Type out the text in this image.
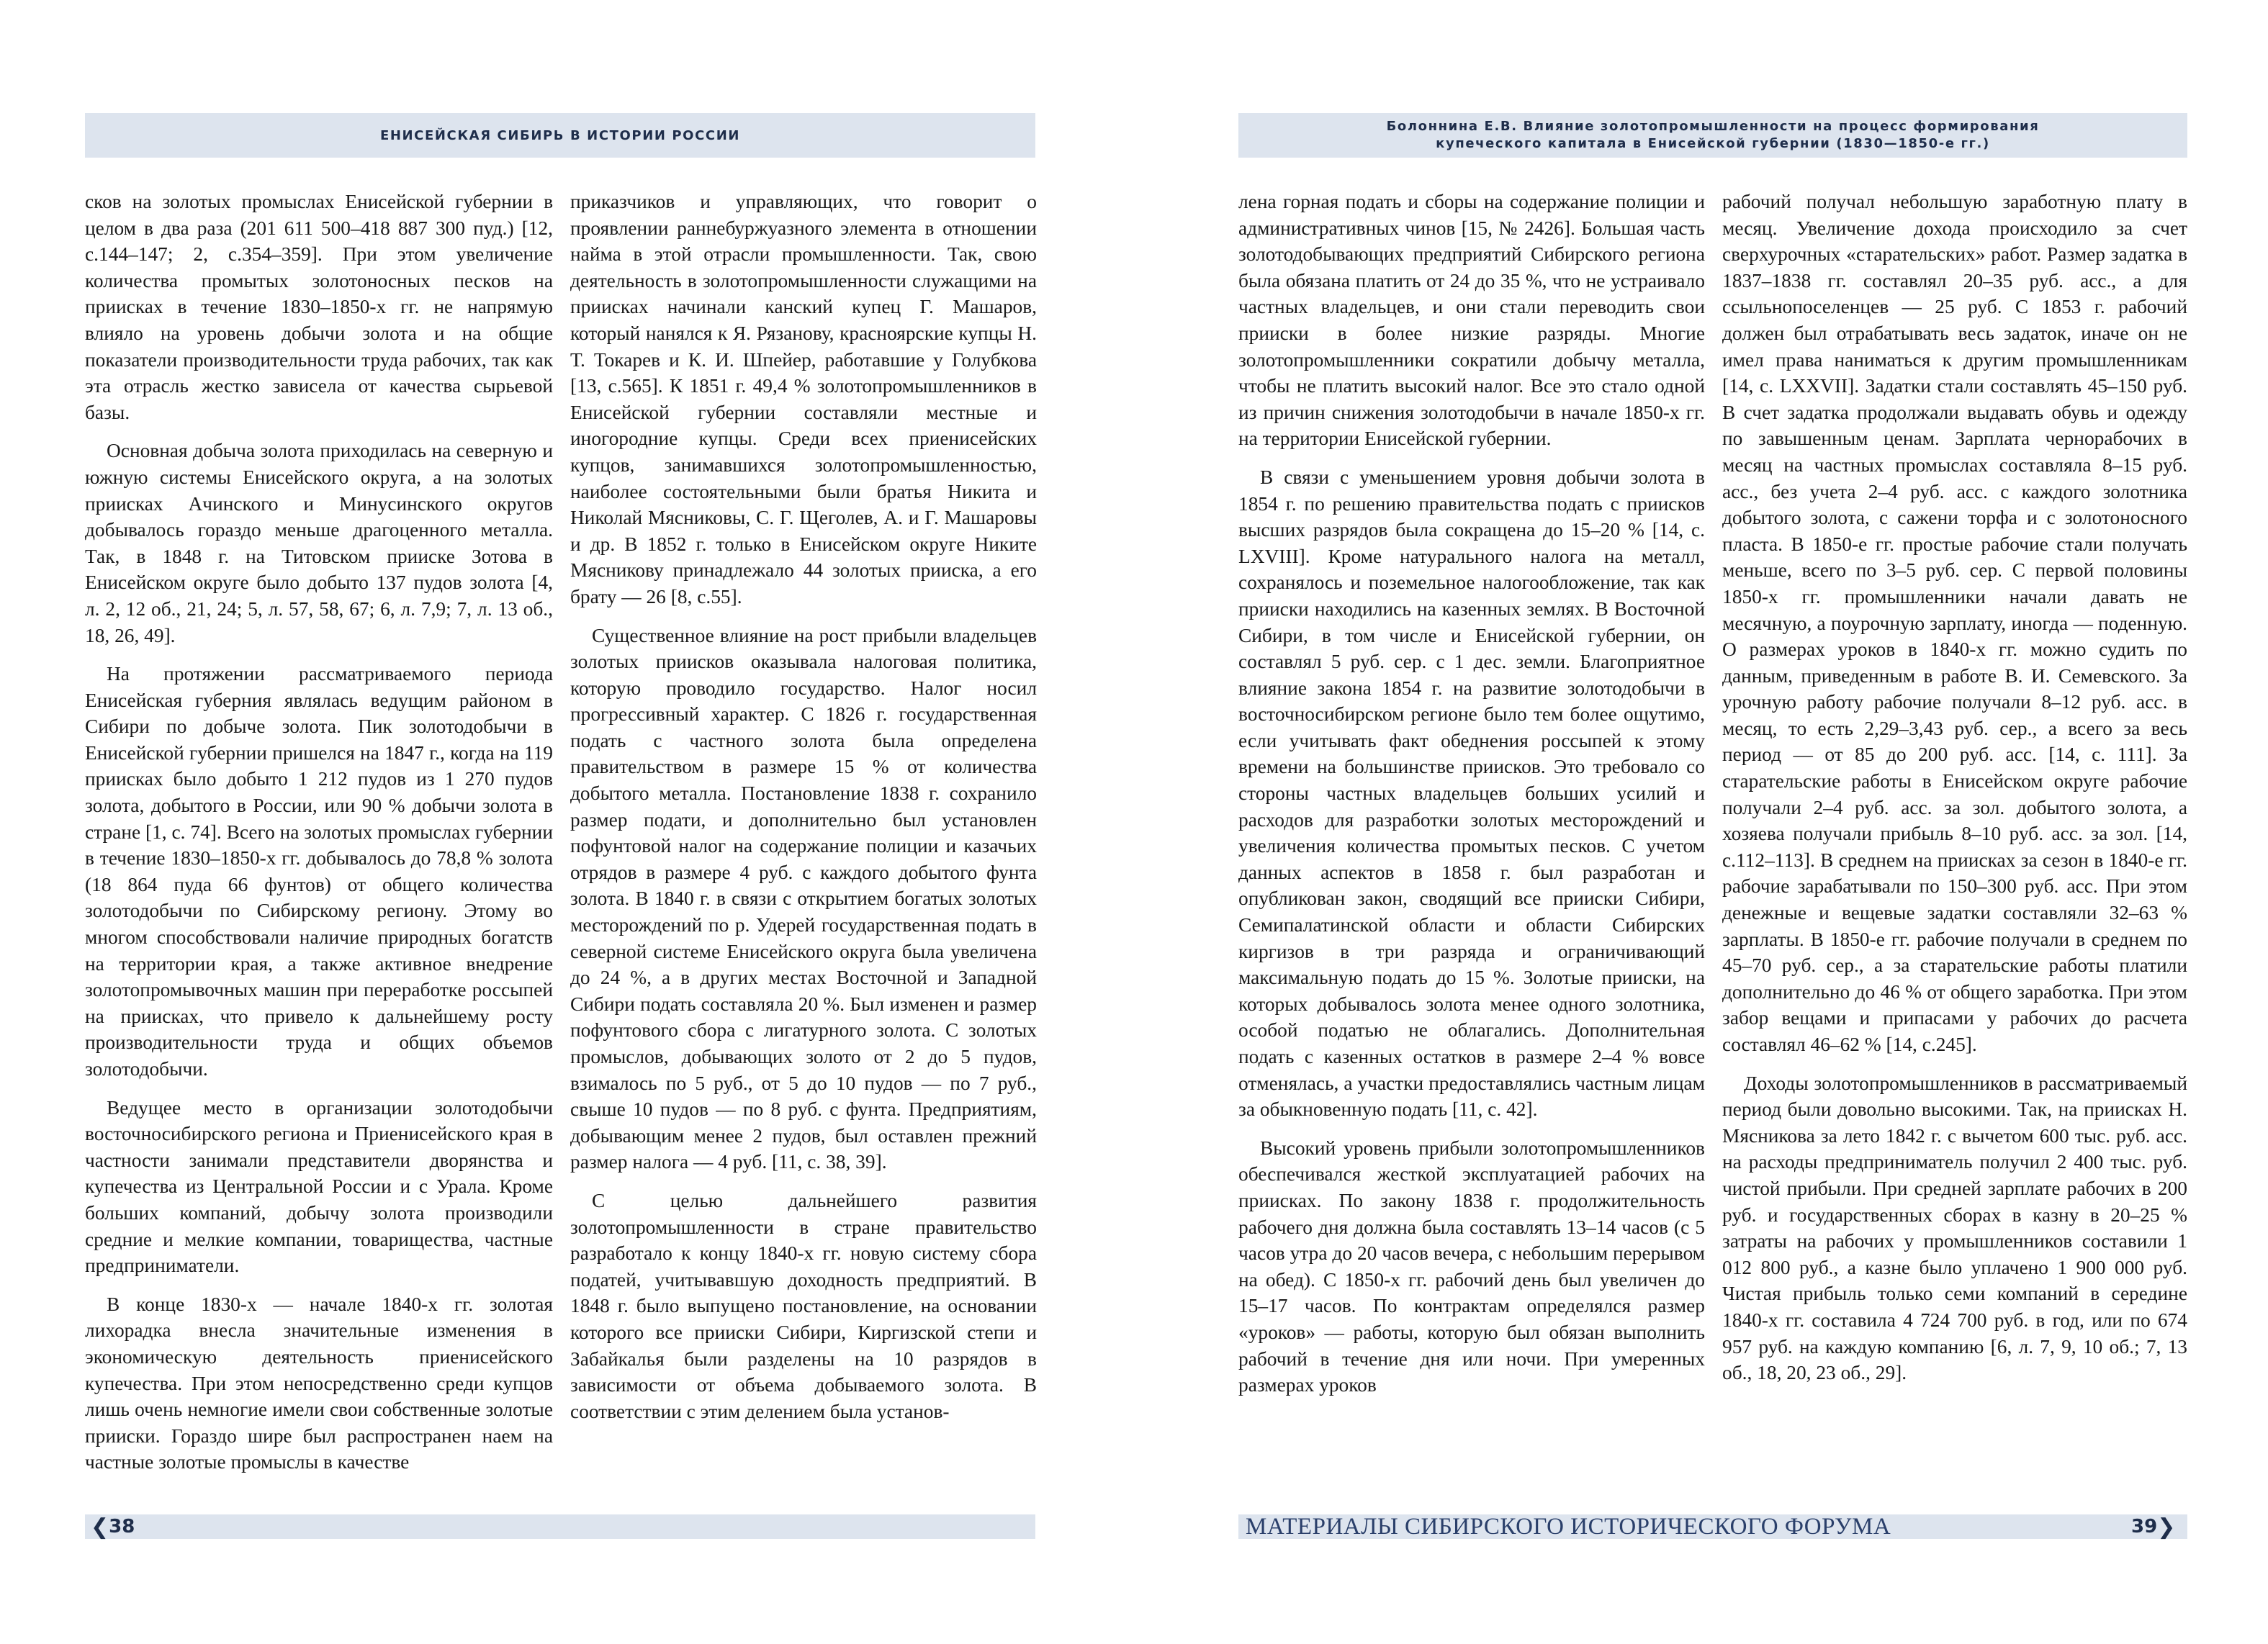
ЕНИСЕЙСКАЯ СИБИРЬ В ИСТОРИИ РОССИИ
Болоннина Е.В. Влияние золотопромышленности на процесс формирования
купеческого капитала в Енисейской губернии (1830—1850-е гг.)

сков на золотых промыслах Енисейской губернии в целом в два раза (201 611 500–418 887 300 пуд.) [12, с.144–147; 2, с.354–359]. При этом увеличение количества промытых золотоносных песков на приисках в течение 1830–1850-х гг. не напрямую влияло на уровень добычи золота и на общие показатели производительности труда рабочих, так как эта отрасль жестко зависела от качества сырьевой базы.

Основная добыча золота приходилась на северную и южную системы Енисейского округа, а на золотых приисках Ачинского и Минусинского округов добывалось гораздо меньше драгоценного металла. Так, в 1848 г. на Титовском прииске Зотова в Енисейском округе было добыто 137 пудов золота [4, л. 2, 12 об., 21, 24; 5, л. 57, 58, 67; 6, л. 7,9; 7, л. 13 об., 18, 26, 49].

На протяжении рассматриваемого периода Енисейская губерния являлась ведущим районом в Сибири по добыче золота. Пик золотодобычи в Енисейской губернии пришелся на 1847 г., когда на 119 приисках было добыто 1 212 пудов из 1 270 пудов золота, добытого в России, или 90 % добычи золота в стране [1, с. 74]. Всего на золотых промыслах губернии в течение 1830–1850-х гг. добывалось до 78,8 % золота (18 864 пуда 66 фунтов) от общего количества золотодобычи по Сибирскому региону. Этому во многом способствовали наличие природных богатств на территории края, а также активное внедрение золотопромывочных машин при переработке россыпей на приисках, что привело к дальнейшему росту производительности труда и общих объемов золотодобычи.

Ведущее место в организации золотодобычи восточносибирского региона и Приенисейского края в частности занимали представители дворянства и купечества из Центральной России и с Урала. Кроме больших компаний, добычу золота производили средние и мелкие компании, товарищества, частные предприниматели.

В конце 1830-х — начале 1840-х гг. золотая лихорадка внесла значительные изменения в экономическую деятельность приенисейского купечества. При этом непосредственно среди купцов лишь очень немногие имели свои собственные золотые прииски. Гораздо шире был распространен наем на частные золотые промыслы в качестве

приказчиков и управляющих, что говорит о проявлении раннебуржуазного элемента в отношении найма в этой отрасли промышленности. Так, свою деятельность в золотопромышленности служащими на приисках начинали канский купец Г. Машаров, который нанялся к Я. Рязанову, красноярские купцы Н. Т. Токарев и К. И. Шпейер, работавшие у Голубкова [13, с.565]. К 1851 г. 49,4 % золотопромышленников в Енисейской губернии составляли местные и иногородние купцы. Среди всех приенисейских купцов, занимавшихся золотопромышленностью, наиболее состоятельными были братья Никита и Николай Мясниковы, С. Г. Щеголев, А. и Г. Машаровы и др. В 1852 г. только в Енисейском округе Никите Мясникову принадлежало 44 золотых прииска, а его брату — 26 [8, с.55].

Существенное влияние на рост прибыли владельцев золотых приисков оказывала налоговая политика, которую проводило государство. Налог носил прогрессивный характер. С 1826 г. государственная подать с частного золота была определена правительством в размере 15 % от количества добытого металла. Постановление 1838 г. сохранило размер подати, и дополнительно был установлен пофунтовой налог на содержание полиции и казачьих отрядов в размере 4 руб. с каждого добытого фунта золота. В 1840 г. в связи с открытием богатых золотых месторождений по р. Удерей государственная подать в северной системе Енисейского округа была увеличена до 24 %, а в других местах Восточной и Западной Сибири подать составляла 20 %. Был изменен и размер пофунтового сбора с лигатурного золота. С золотых промыслов, добывающих золото от 2 до 5 пудов, взималось по 5 руб., от 5 до 10 пудов — по 7 руб., свыше 10 пудов — по 8 руб. с фунта. Предприятиям, добывающим менее 2 пудов, был оставлен прежний размер налога — 4 руб. [11, с. 38, 39].

С целью дальнейшего развития золотопромышленности в стране правительство разработало к концу 1840-х гг. новую систему сбора податей, учитывавшую доходность предприятий. В 1848 г. было выпущено постановление, на основании которого все прииски Сибири, Киргизской степи и Забайкалья были разделены на 10 разрядов в зависимости от объема добываемого золота. В соответствии с этим делением была установ-

лена горная подать и сборы на содержание полиции и административных чинов [15, № 2426]. Большая часть золотодобывающих предприятий Сибирского региона была обязана платить от 24 до 35 %, что не устраивало частных владельцев, и они стали переводить свои прииски в более низкие разряды. Многие золотопромышленники сократили добычу металла, чтобы не платить высокий налог. Все это стало одной из причин снижения золотодобычи в начале 1850-х гг. на территории Енисейской губернии.

В связи с уменьшением уровня добычи золота в 1854 г. по решению правительства подать с приисков высших разрядов была сокращена до 15–20 % [14, с. LXVIII]. Кроме натурального налога на металл, сохранялось и поземельное налогообложение, так как прииски находились на казенных землях. В Восточной Сибири, в том числе и Енисейской губернии, он составлял 5 руб. сер. с 1 дес. земли. Благоприятное влияние закона 1854 г. на развитие золотодобычи в восточносибирском регионе было тем более ощутимо, если учитывать факт обеднения россыпей к этому времени на большинстве приисков. Это требовало со стороны частных владельцев больших усилий и расходов для разработки золотых месторождений и увеличения количества промытых песков. С учетом данных аспектов в 1858 г. был разработан и опубликован закон, сводящий все прииски Сибири, Семипалатинской области и области Сибирских киргизов в три разряда и ограничивающий максимальную подать до 15 %. Золотые прииски, на которых добывалось золота менее одного золотника, особой податью не облагались. Дополнительная подать с казенных остатков в размере 2–4 % вовсе отменялась, а участки предоставлялись частным лицам за обыкновенную подать [11, с. 42].

Высокий уровень прибыли золотопромышленников обеспечивался жесткой эксплуатацией рабочих на приисках. По закону 1838 г. продолжительность рабочего дня должна была составлять 13–14 часов (с 5 часов утра до 20 часов вечера, с небольшим перерывом на обед). С 1850-х гг. рабочий день был увеличен до 15–17 часов. По контрактам определялся размер «уроков» — работы, которую был обязан выполнить рабочий в течение дня или ночи. При умеренных размерах уроков

рабочий получал небольшую заработную плату в месяц. Увеличение дохода происходило за счет сверхурочных «старательских» работ. Размер задатка в 1837–1838 гг. составлял 20–35 руб. асс., а для ссыльнопоселенцев — 25 руб. С 1853 г. рабочий должен был отрабатывать весь задаток, иначе он не имел права наниматься к другим промышленникам [14, с. LXXVII]. Задатки стали составлять 45–150 руб. В счет задатка продолжали выдавать обувь и одежду по завышенным ценам. Зарплата чернорабочих в месяц на частных промыслах составляла 8–15 руб. асс., без учета 2–4 руб. асс. с каждого золотника добытого золота, с сажени торфа и с золотоносного пласта. В 1850-е гг. простые рабочие стали получать меньше, всего по 3–5 руб. сер. С первой половины 1850-х гг. промышленники начали давать не месячную, а поурочную зарплату, иногда — поденную. О размерах уроков в 1840-х гг. можно судить по данным, приведенным в работе В. И. Семевского. За урочную работу рабочие получали 8–12 руб. асс. в месяц, то есть 2,29–3,43 руб. сер., а всего за весь период — от 85 до 200 руб. асс. [14, с. 111]. За старательские работы в Енисейском округе рабочие получали 2–4 руб. асс. за зол. добытого золота, а хозяева получали прибыль 8–10 руб. асс. за зол. [14, с.112–113]. В среднем на приисках за сезон в 1840-е гг. рабочие зарабатывали по 150–300 руб. асс. При этом денежные и вещевые задатки составляли 32–63 % зарплаты. В 1850-е гг. рабочие получали в среднем по 45–70 руб. сер., а за старательские работы платили дополнительно до 46 % от общего заработка. При этом забор вещами и припасами у рабочих до расчета составлял 46–62 % [14, с.245].

Доходы золотопромышленников в рассматриваемый период были довольно высокими. Так, на приисках Н. Мясникова за лето 1842 г. с вычетом 600 тыс. руб. асс. на расходы предприниматель получил 2 400 тыс. руб. чистой прибыли. При средней зарплате рабочих в 200 руб. и государственных сборах в казну в 20–25 % затраты на рабочих у промышленников составили 1 012 800 руб., а казне было уплачено 1 900 000 руб. Чистая прибыль только семи компаний в середине 1840-х гг. составила 4 724 700 руб. в год, или по 674 957 руб. на каждую компанию [6, л. 7, 9, 10 об.; 7, 13 об., 18, 20, 23 об., 29].

МАТЕРИАЛЫ СИБИРСКОГО ИСТОРИЧЕСКОГО ФОРУМА
❮ 38	39 ❯
